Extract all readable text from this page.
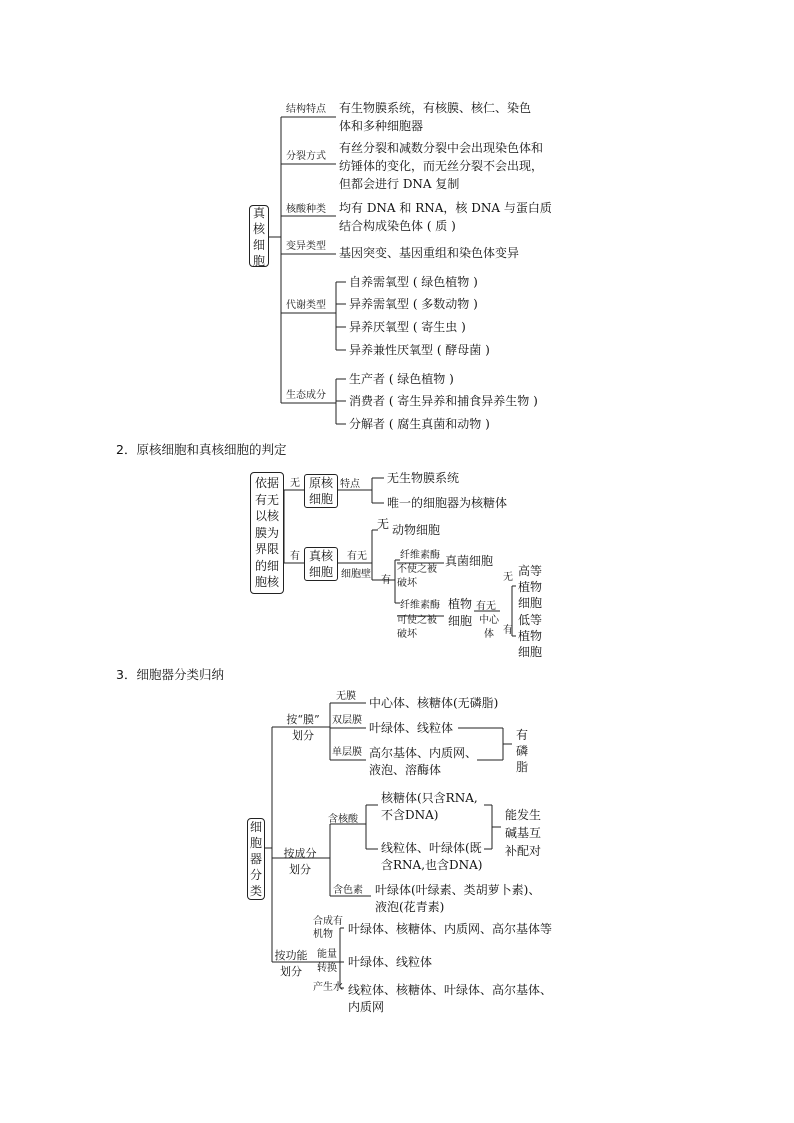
真
核
细
胞
结构特点 有生物膜系统，有核膜、核仁、染色
体和多种细胞器
分裂方式
有丝分裂和减数分裂中会出现染色体和
纺锤体的变化，而无丝分裂不会出现，
但都会进行 DNA 复制
核酸种类 均有 DNA 和 RNA，核 DNA 与蛋白质
结合构成染色体 ( 质 )
变异类型 基因突变、基因重组和染色体变异
代谢类型
自养需氧型 ( 绿色植物 )
异养需氧型 ( 多数动物 )
异养厌氧型 ( 寄生虫 )
异养兼性厌氧型 ( 酵母菌 )
生态成分
生产者 ( 绿色植物 )
消费者 ( 寄生异养和捕食异养生物 )
分解者 ( 腐生真菌和动物 )
2．原核细胞和真核细胞的判定
依据
有无
以核
膜为
界限
的细
胞核
无
有
原核
细胞
特点 无生物膜系统
唯一的细胞器为核糖体
真核
细胞
有无
细胞壁
无 动物细胞
有
纤维素酶
不使之被
破坏
真菌细胞
纤维素酶
可使之被
破坏
植物
细胞
有无
中心
体
无
有
高等
植物
细胞
低等
植物
细胞
3．细胞器分类归纳
细
胞
器
分
类
按“膜”
划分
无膜 中心体、核糖体(无磷脂)
双层膜
叶绿体、线粒体
单层膜 高尔基体、内质网、
液泡、溶酶体
有
磷
脂
按成分
划分
含核酸
核糖体(只含RNA,
不含DNA)
线粒体、叶绿体(既
含RNA,也含DNA)
能发生
碱基互
补配对
含色素 叶绿体(叶绿素、类胡萝卜素)、
液泡(花青素)
按功能
划分
合成有
机物 叶绿体、核糖体、内质网、高尔基体等
能量
转换 叶绿体、线粒体
产生水 线粒体、核糖体、叶绿体、高尔基体、
内质网
